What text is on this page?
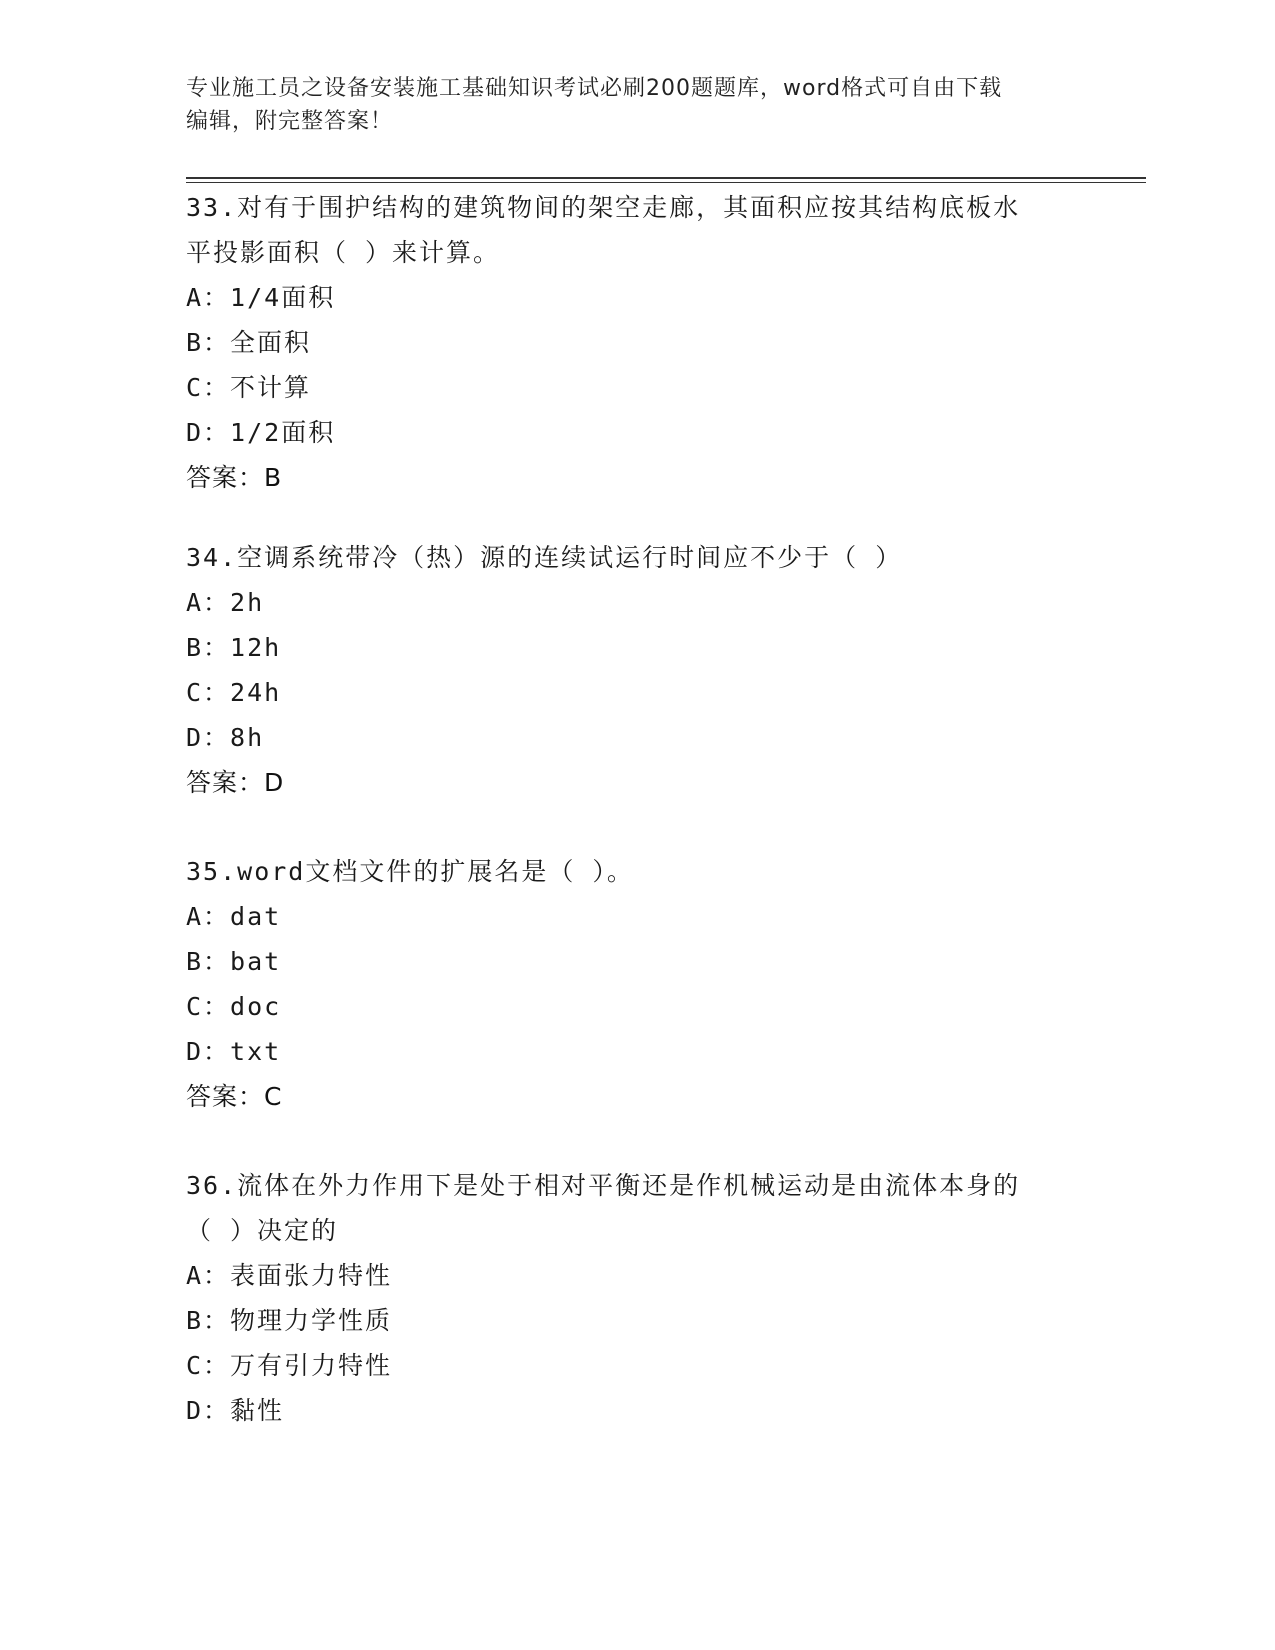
专业施工员之设备安装施工基础知识考试必刷200题题库，word格式可自由下载
编辑，附完整答案！
33.对有于围护结构的建筑物间的架空走廊，其面积应按其结构底板水
平投影面积（ ）来计算。
A：1/4面积
B：全面积
C：不计算
D：1/2面积
答案：B
34.空调系统带冷（热）源的连续试运行时间应不少于（ ）
A：2h
B：12h
C：24h
D：8h
答案：D
35.word文档文件的扩展名是（ ）。
A：dat
B：bat
C：doc
D：txt
答案：C
36.流体在外力作用下是处于相对平衡还是作机械运动是由流体本身的
（ ）决定的
A：表面张力特性
B：物理力学性质
C：万有引力特性
D：黏性
